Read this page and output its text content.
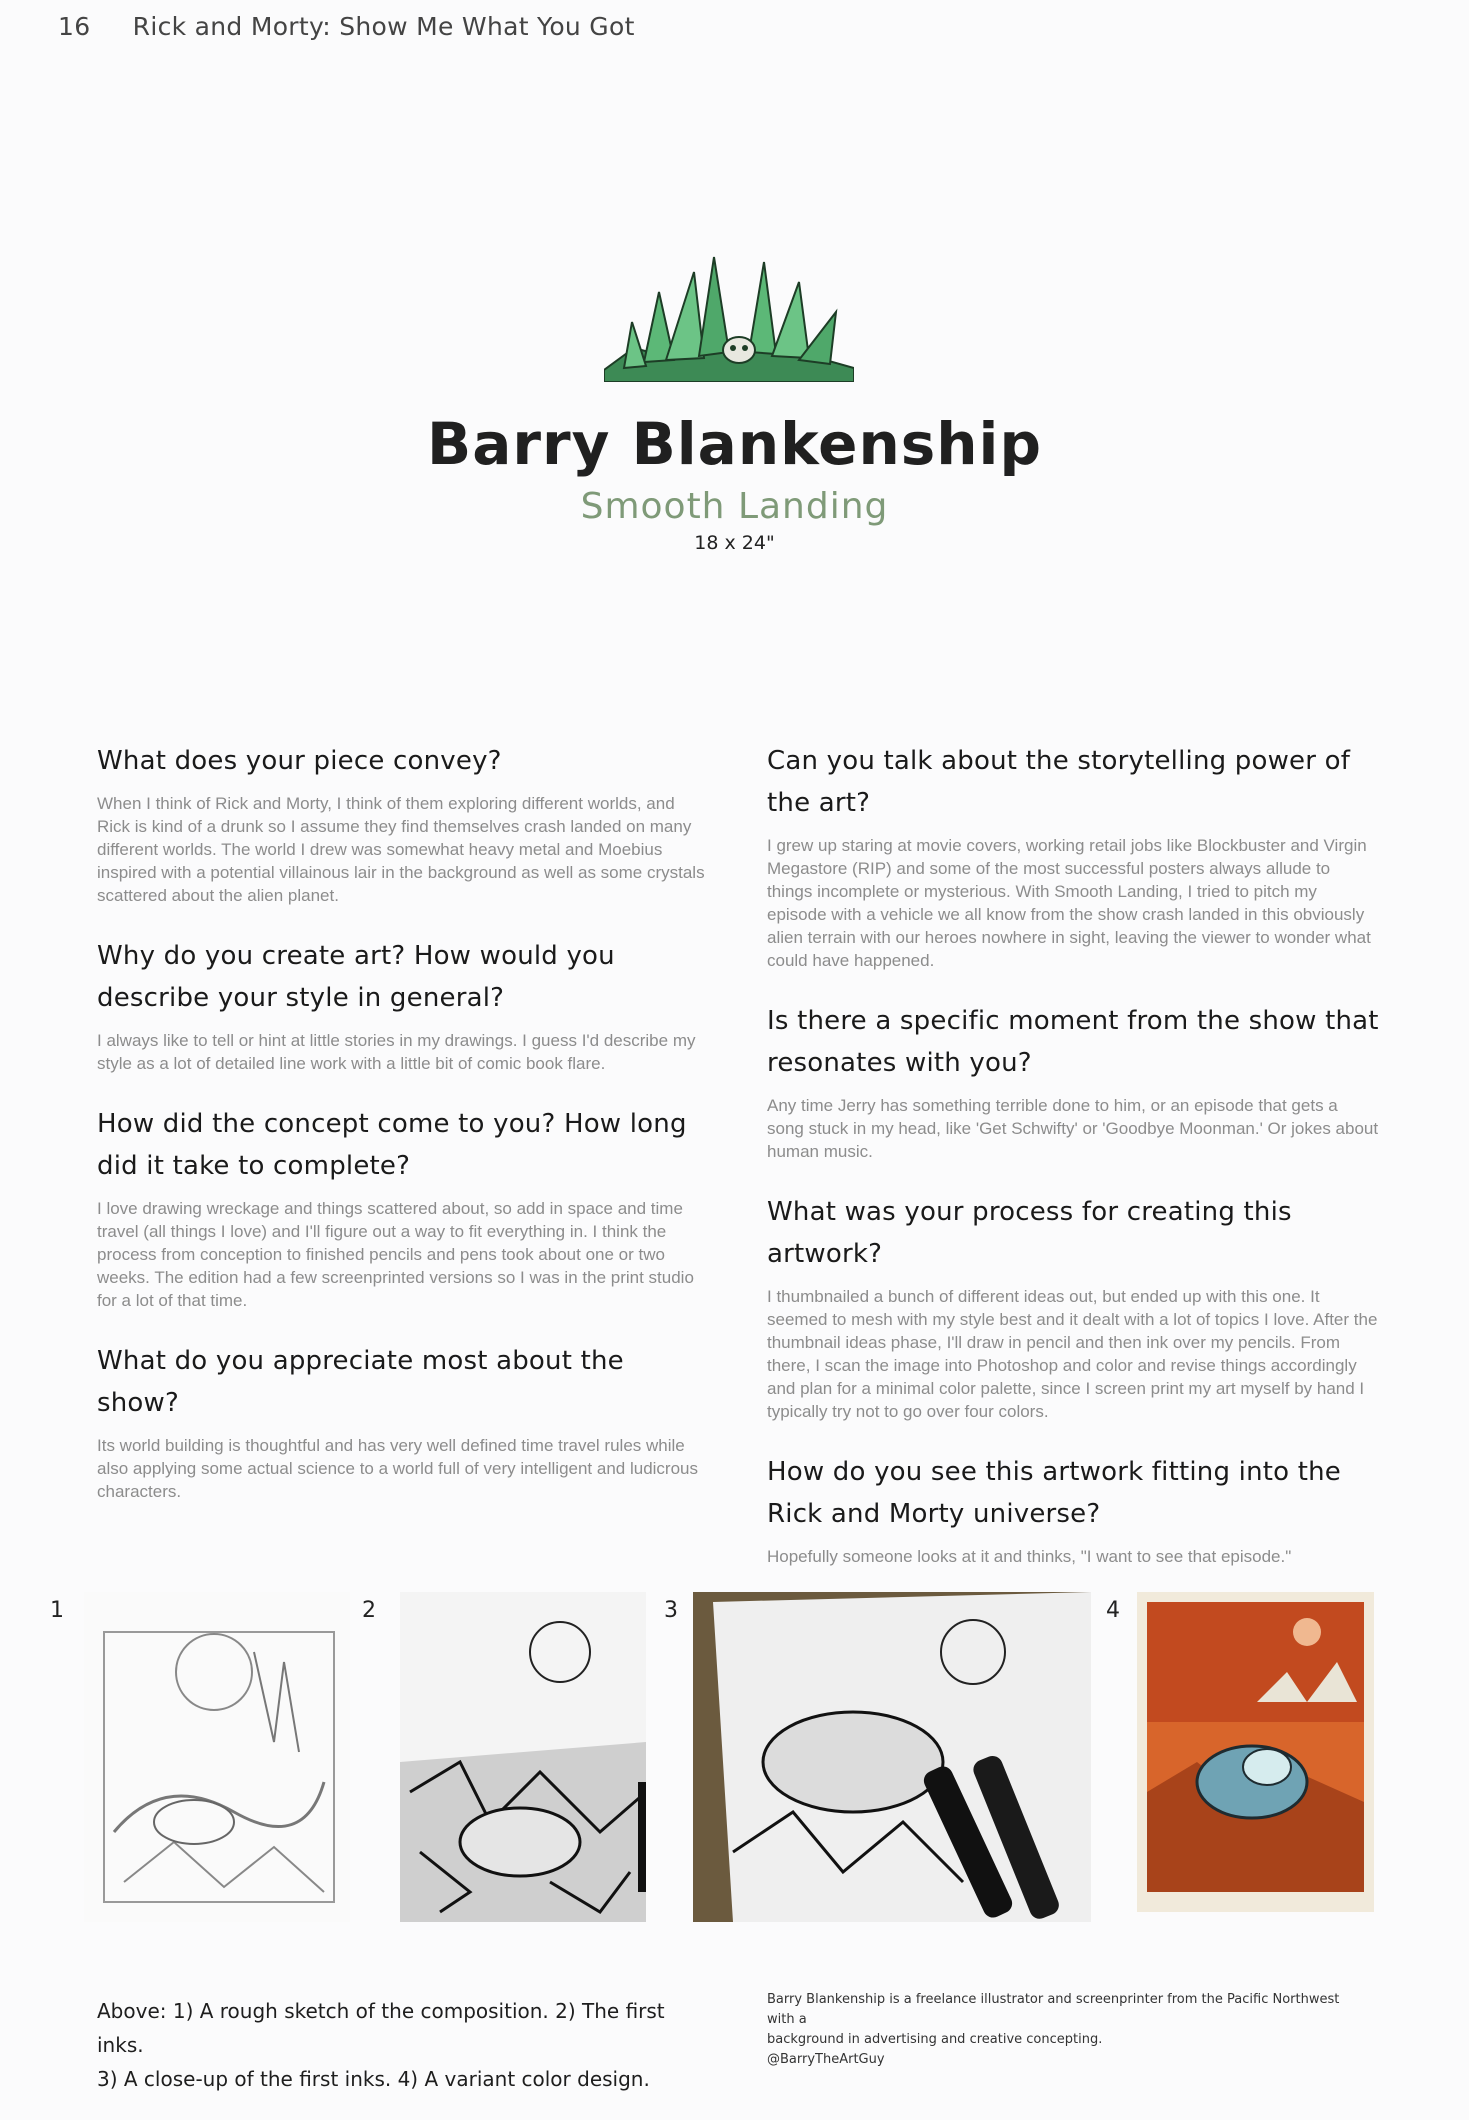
16 Rick and Morty: Show Me What You Got
Barry Blankenship
Smooth Landing
18 x 24"

What does your piece convey?

When I think of Rick and Morty, I think of them exploring different worlds, and Rick is kind of a drunk so I assume they find themselves crash landed on many different worlds. The world I drew was somewhat heavy metal and Moebius inspired with a potential villainous lair in the background as well as some crystals scattered about the alien planet.

Why do you create art? How would you describe your style in general?

I always like to tell or hint at little stories in my drawings. I guess I'd describe my style as a lot of detailed line work with a little bit of comic book flare.

How did the concept come to you? How long did it take to complete?

I love drawing wreckage and things scattered about, so add in space and time travel (all things I love) and I'll figure out a way to fit everything in. I think the process from conception to finished pencils and pens took about one or two weeks. The edition had a few screenprinted versions so I was in the print studio for a lot of that time.

What do you appreciate most about the show?

Its world building is thoughtful and has very well defined time travel rules while also applying some actual science to a world full of very intelligent and ludicrous characters.

Can you talk about the storytelling power of the art?

I grew up staring at movie covers, working retail jobs like Blockbuster and Virgin Megastore (RIP) and some of the most successful posters always allude to things incomplete or mysterious. With Smooth Landing, I tried to pitch my episode with a vehicle we all know from the show crash landed in this obviously alien terrain with our heroes nowhere in sight, leaving the viewer to wonder what could have happened.

Is there a specific moment from the show that resonates with you?

Any time Jerry has something terrible done to him, or an episode that gets a song stuck in my head, like 'Get Schwifty' or 'Goodbye Moonman.' Or jokes about human music.

What was your process for creating this artwork?

I thumbnailed a bunch of different ideas out, but ended up with this one. It seemed to mesh with my style best and it dealt with a lot of topics I love. After the thumbnail ideas phase, I'll draw in pencil and then ink over my pencils. From there, I scan the image into Photoshop and color and revise things accordingly and plan for a minimal color palette, since I screen print my art myself by hand I typically try not to go over four colors.

How do you see this artwork fitting into the Rick and Morty universe?

Hopefully someone looks at it and thinks, "I want to see that episode."

1	2	3	4
Above: 1) A rough sketch of the composition. 2) The first inks.
3) A close-up of the first inks. 4) A variant color design.
Barry Blankenship is a freelance illustrator and screenprinter from the Pacific Northwest with a
background in advertising and creative concepting.
@BarryTheArtGuy
